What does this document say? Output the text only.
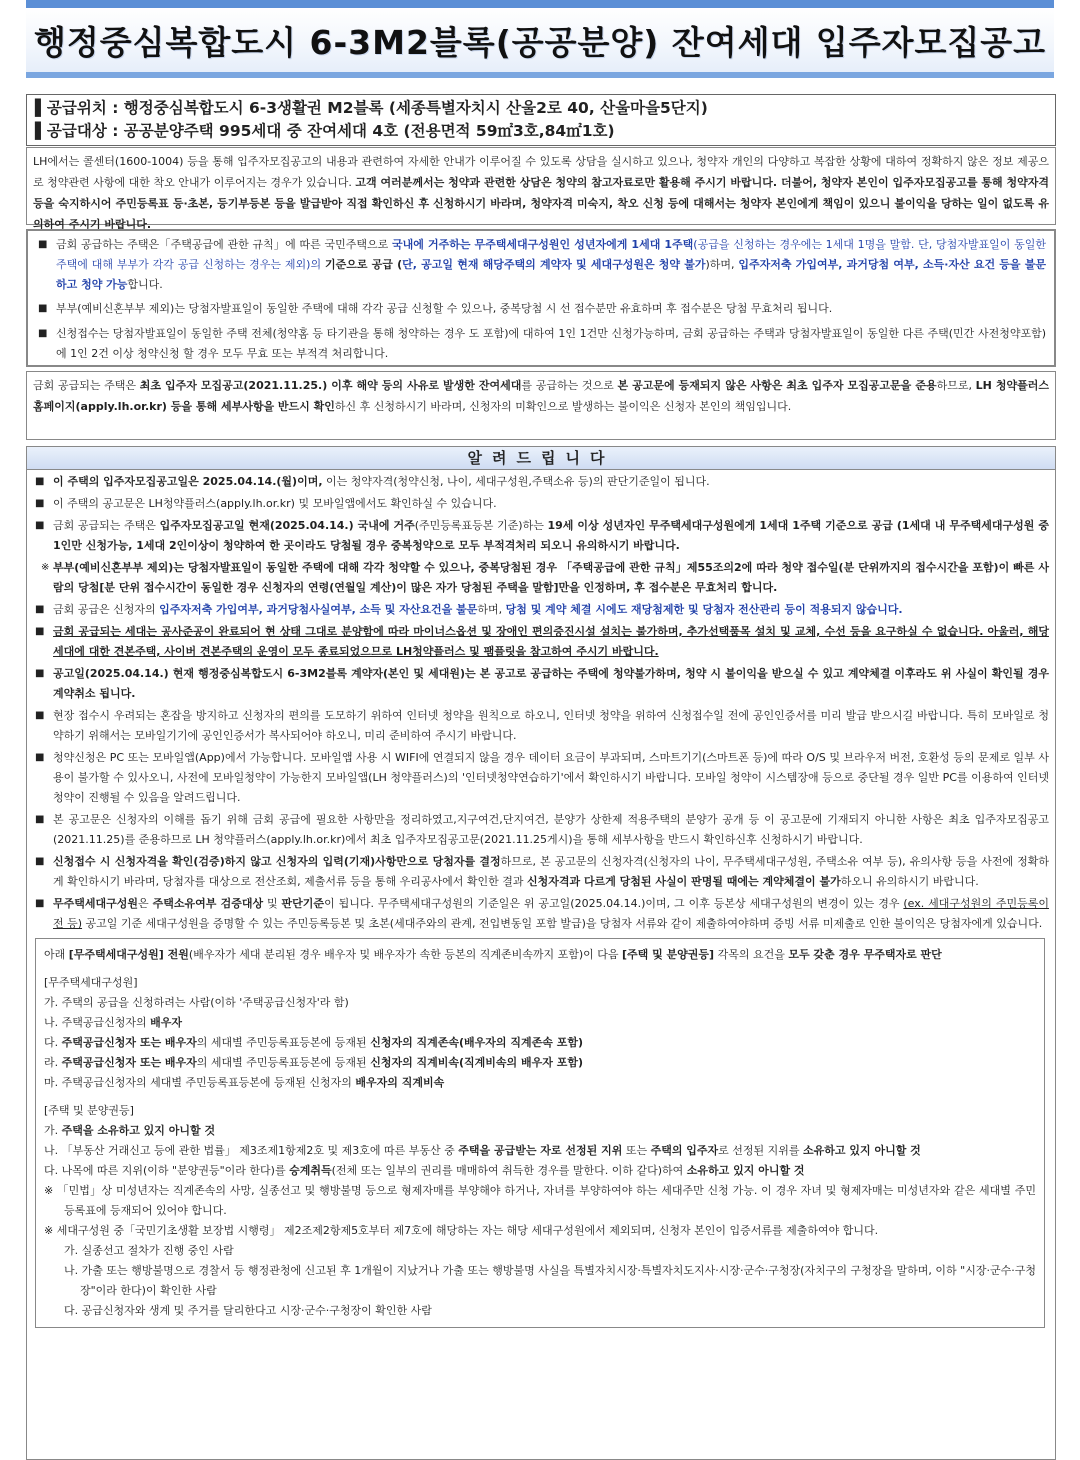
행정중심복합도시 6-3M2블록(공공분양) 잔여세대 입주자모집공고
▌공급위치 : 행정중심복합도시 6-3생활권 M2블록 (세종특별자치시 산울2로 40, 산울마을5단지)
▌공급대상 : 공공분양주택 995세대 중 잔여세대 4호 (전용면적 59㎡3호,84㎡1호)
LH에서는 콜센터(1600-1004) 등을 통해 입주자모집공고의 내용과 관련하여 자세한 안내가 이루어질 수 있도록 상담을 실시하고 있으나, 청약자 개인의 다양하고 복잡한 상황에 대하여 정확하지 않은 정보 제공으로 청약관련 사항에 대한 착오 안내가 이루어지는 경우가 있습니다. 고객 여러분께서는 청약과 관련한 상담은 청약의 참고자료로만 활용해 주시기 바랍니다. 더불어, 청약자 본인이 입주자모집공고를 통해 청약자격 등을 숙지하시어 주민등록표 등·초본, 등기부등본 등을 발급받아 직접 확인하신 후 신청하시기 바라며, 청약자격 미숙지, 착오 신청 등에 대해서는 청약자 본인에게 책임이 있으니 불이익을 당하는 일이 없도록 유의하여 주시기 바랍니다.
■ 금회 공급하는 주택은「주택공급에 관한 규칙」에 따른 국민주택으로 국내에 거주하는 무주택세대구성원인 성년자에게 1세대 1주택(공급을 신청하는 경우에는 1세대 1명을 말함. 단, 당첨자발표일이 동일한 주택에 대해 부부가 각각 공급 신청하는 경우는 제외)의 기준으로 공급 (단, 공고일 현재 해당주택의 계약자 및 세대구성원은 청약 불가)하며, 입주자저축 가입여부, 과거당첨 여부, 소득·자산 요건 등을 불문하고 청약 가능합니다.
■ 부부(예비신혼부부 제외)는 당첨자발표일이 동일한 주택에 대해 각각 공급 신청할 수 있으나, 중복당첨 시 선 접수분만 유효하며 후 접수분은 당첨 무효처리 됩니다.
■ 신청접수는 당첨자발표일이 동일한 주택 전체(청약홈 등 타기관을 통해 청약하는 경우 도 포함)에 대하여 1인 1건만 신청가능하며, 금회 공급하는 주택과 당첨자발표일이 동일한 다른 주택(민간 사전청약포함)에 1인 2건 이상 청약신청 할 경우 모두 무효 또는 부적격 처리합니다.
금회 공급되는 주택은 최초 입주자 모집공고(2021.11.25.) 이후 해약 등의 사유로 발생한 잔여세대를 공급하는 것으로 본 공고문에 등재되지 않은 사항은 최초 입주자 모집공고문을 준용하므로, LH 청약플러스 홈페이지(apply.lh.or.kr) 등을 통해 세부사항을 반드시 확인하신 후 신청하시기 바라며, 신청자의 미확인으로 발생하는 불이익은 신청자 본인의 책임입니다.
알려드립니다
■ 이 주택의 입주자모집공고일은 2025.04.14.(월)이며, 이는 청약자격(청약신청, 나이, 세대구성원,주택소유 등)의 판단기준일이 됩니다.
■ 이 주택의 공고문은 LH청약플러스(apply.lh.or.kr) 및 모바일앱에서도 확인하실 수 있습니다.
■ 금회 공급되는 주택은 입주자모집공고일 현재(2025.04.14.) 국내에 거주(주민등록표등본 기준)하는 19세 이상 성년자인 무주택세대구성원에게 1세대 1주택 기준으로 공급 (1세대 내 무주택세대구성원 중 1인만 신청가능, 1세대 2인이상이 청약하여 한 곳이라도 당첨될 경우 중복청약으로 모두 부적격처리 되오니 유의하시기 바랍니다.
※ 부부(예비신혼부부 제외)는 당첨자발표일이 동일한 주택에 대해 각각 청약할 수 있으나, 중복당첨된 경우 「주택공급에 관한 규칙」제55조의2에 따라 청약 접수일(분 단위까지의 접수시간을 포함)이 빠른 사람의 당첨[분 단위 접수시간이 동일한 경우 신청자의 연령(연월일 계산)이 많은 자가 당첨된 주택을 말함]만을 인정하며, 후 접수분은 무효처리 합니다.
■ 금회 공급은 신청자의 입주자저축 가입여부, 과거당첨사실여부, 소득 및 자산요건을 불문하며, 당첨 및 계약 체결 시에도 재당첨제한 및 당첨자 전산관리 등이 적용되지 않습니다.
■ 금회 공급되는 세대는 공사준공이 완료되어 현 상태 그대로 분양함에 따라 마이너스옵션 및 장애인 편의증진시설 설치는 불가하며, 추가선택품목 설치 및 교체, 수선 등을 요구하실 수 없습니다. 아울러, 해당 세대에 대한 견본주택, 사이버 견본주택의 운영이 모두 종료되었으므로 LH청약플러스 및 팸플릿을 참고하여 주시기 바랍니다.
■ 공고일(2025.04.14.) 현재 행정중심복합도시 6-3M2블록 계약자(본인 및 세대원)는 본 공고로 공급하는 주택에 청약불가하며, 청약 시 불이익을 받으실 수 있고 계약체결 이후라도 위 사실이 확인될 경우 계약취소 됩니다.
■ 현장 접수시 우려되는 혼잡을 방지하고 신청자의 편의를 도모하기 위하여 인터넷 청약을 원칙으로 하오니, 인터넷 청약을 위하여 신청접수일 전에 공인인증서를 미리 발급 받으시길 바랍니다. 특히 모바일로 청약하기 위해서는 모바일기기에 공인인증서가 복사되어야 하오니, 미리 준비하여 주시기 바랍니다.
■ 청약신청은 PC 또는 모바일앱(App)에서 가능합니다. 모바일앱 사용 시 WIFI에 연결되지 않을 경우 데이터 요금이 부과되며, 스마트기기(스마트폰 등)에 따라 O/S 및 브라우저 버전, 호환성 등의 문제로 일부 사용이 불가할 수 있사오니, 사전에 모바일청약이 가능한지 모바일앱(LH 청약플러스)의 '인터넷청약연습하기'에서 확인하시기 바랍니다. 모바일 청약이 시스템장애 등으로 중단될 경우 일반 PC를 이용하여 인터넷청약이 진행될 수 있음을 알려드립니다.
■ 본 공고문은 신청자의 이해를 돕기 위해 금회 공급에 필요한 사항만을 정리하였고,지구여건,단지여건, 분양가 상한제 적용주택의 분양가 공개 등 이 공고문에 기재되지 아니한 사항은 최초 입주자모집공고(2021.11.25)를 준용하므로 LH 청약플러스(apply.lh.or.kr)에서 최초 입주자모집공고문(2021.11.25게시)을 통해 세부사항을 반드시 확인하신후 신청하시기 바랍니다.
■ 신청접수 시 신청자격을 확인(검증)하지 않고 신청자의 입력(기재)사항만으로 당첨자를 결정하므로, 본 공고문의 신청자격(신청자의 나이, 무주택세대구성원, 주택소유 여부 등), 유의사항 등을 사전에 정확하게 확인하시기 바라며, 당첨자를 대상으로 전산조회, 제출서류 등을 통해 우리공사에서 확인한 결과 신청자격과 다르게 당첨된 사실이 판명될 때에는 계약체결이 불가하오니 유의하시기 바랍니다.
■ 무주택세대구성원은 주택소유여부 검증대상 및 판단기준이 됩니다. 무주택세대구성원의 기준일은 위 공고일(2025.04.14.)이며, 그 이후 등본상 세대구성원의 변경이 있는 경우 (ex. 세대구성원의 주민등록이전 등) 공고일 기준 세대구성원을 증명할 수 있는 주민등록등본 및 초본(세대주와의 관계, 전입변동일 포함 발급)을 당첨자 서류와 같이 제출하여야하며 증빙 서류 미제출로 인한 불이익은 당첨자에게 있습니다.

아래 [무주택세대구성원] 전원(배우자가 세대 분리된 경우 배우자 및 배우자가 속한 등본의 직계존비속까지 포함)이 다음 [주택 및 분양권등] 각목의 요건을 모두 갖춘 경우 무주택자로 판단

[무주택세대구성원]

가. 주택의 공급을 신청하려는 사람(이하 '주택공급신청자'라 함)

나. 주택공급신청자의 배우자

다. 주택공급신청자 또는 배우자의 세대별 주민등록표등본에 등재된 신청자의 직계존속(배우자의 직계존속 포함)

라. 주택공급신청자 또는 배우자의 세대별 주민등록표등본에 등재된 신청자의 직계비속(직계비속의 배우자 포함)

마. 주택공급신청자의 세대별 주민등록표등본에 등재된 신청자의 배우자의 직계비속

[주택 및 분양권등]

가. 주택을 소유하고 있지 아니할 것

나. 「부동산 거래신고 등에 관한 법률」 제3조제1항제2호 및 제3호에 따른 부동산 중 주택을 공급받는 자로 선정된 지위 또는 주택의 입주자로 선정된 지위를 소유하고 있지 아니할 것

다. 나목에 따른 지위(이하 "분양권등"이라 한다)를 승계취득(전체 또는 일부의 권리를 매매하여 취득한 경우를 말한다. 이하 같다)하여 소유하고 있지 아니할 것

※ 「민법」상 미성년자는 직계존속의 사망, 실종선고 및 행방불명 등으로 형제자매를 부양해야 하거나, 자녀를 부양하여야 하는 세대주만 신청 가능. 이 경우 자녀 및 형제자매는 미성년자와 같은 세대별 주민등록표에 등재되어 있어야 합니다.

※ 세대구성원 중「국민기초생활 보장법 시행령」 제2조제2항제5호부터 제7호에 해당하는 자는 해당 세대구성원에서 제외되며, 신청자 본인이 입증서류를 제출하여야 합니다.

가. 실종선고 절차가 진행 중인 사람

나. 가출 또는 행방불명으로 경찰서 등 행정관청에 신고된 후 1개월이 지났거나 가출 또는 행방불명 사실을 특별자치시장·특별자치도지사·시장·군수·구청장(자치구의 구청장을 말하며, 이하 "시장·군수·구청장"이라 한다)이 확인한 사람

다. 공급신청자와 생계 및 주거를 달리한다고 시장·군수·구청장이 확인한 사람
